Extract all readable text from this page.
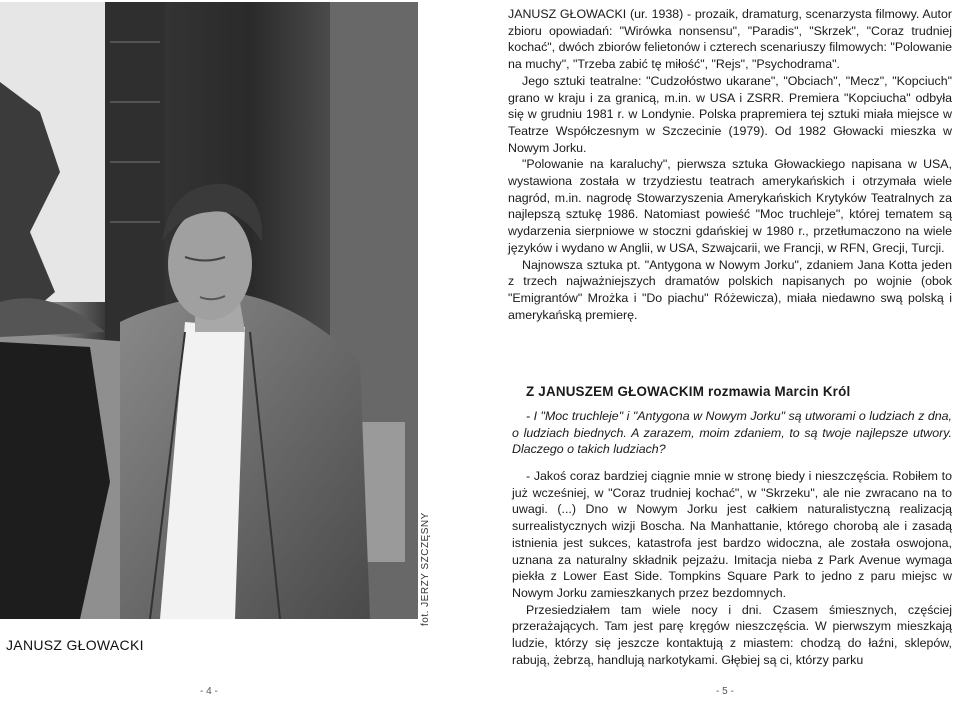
fot. JERZY SZCZĘSNY
JANUSZ GŁOWACKI
- 4 -

JANUSZ GŁOWACKI (ur. 1938) - prozaik, dramaturg, scenarzysta filmowy. Autor zbioru opowiadań: "Wirówka nonsensu", "Paradis", "Skrzek", "Coraz trudniej kochać", dwóch zbiorów felietonów i czterech scenariuszy filmowych: "Polowanie na muchy", "Trzeba zabić tę miłość", "Rejs", "Psychodrama".

Jego sztuki teatralne: "Cudzołóstwo ukarane", "Obciach", "Mecz", "Kopciuch" grano w kraju i za granicą, m.in. w USA i ZSRR. Premiera "Kopciucha" odbyła się w grudniu 1981 r. w Londynie. Polska prapremiera tej sztuki miała miejsce w Teatrze Współczesnym w Szczecinie (1979). Od 1982 Głowacki mieszka w Nowym Jorku.

"Polowanie na karaluchy", pierwsza sztuka Głowackiego napisana w USA, wystawiona została w trzydziestu teatrach amerykańskich i otrzymała wiele nagród, m.in. nagrodę Stowarzyszenia Amerykańskich Krytyków Teatralnych za najlepszą sztukę 1986. Natomiast powieść "Moc truchleje", której tematem są wydarzenia sierpniowe w stoczni gdańskiej w 1980 r., przetłumaczono na wiele języków i wydano w Anglii, w USA, Szwajcarii, we Francji, w RFN, Grecji, Turcji.

Najnowsza sztuka pt. "Antygona w Nowym Jorku", zdaniem Jana Kotta jeden z trzech najważniejszych dramatów polskich napisanych po wojnie (obok "Emigrantów" Mrożka i "Do piachu" Różewicza), miała niedawno swą polską i amerykańską premierę.

Z JANUSZEM GŁOWACKIM rozmawia Marcin Król

- I "Moc truchleje" i "Antygona w Nowym Jorku" są utworami o ludziach z dna, o ludziach biednych. A zarazem, moim zdaniem, to są twoje najlepsze utwory. Dlaczego o takich ludziach?

- Jakoś coraz bardziej ciągnie mnie w stronę biedy i nieszczęścia. Robiłem to już wcześniej, w "Coraz trudniej kochać", w "Skrzeku", ale nie zwracano na to uwagi. (...) Dno w Nowym Jorku jest całkiem naturalistyczną realizacją surrealistycznych wizji Boscha. Na Manhattanie, którego chorobą ale i zasadą istnienia jest sukces, katastrofa jest bardzo widoczna, ale została oswojona, uznana za naturalny składnik pejzażu. Imitacja nieba z Park Avenue wymaga piekła z Lower East Side. Tompkins Square Park to jedno z paru miejsc w Nowym Jorku zamieszkanych przez bezdomnych.

Przesiedziałem tam wiele nocy i dni. Czasem śmiesznych, częściej przerażających. Tam jest parę kręgów nieszczęścia. W pierwszym mieszkają ludzie, którzy się jeszcze kontaktują z miastem: chodzą do łaźni, sklepów, rabują, żebrzą, handlują narkotykami. Głębiej są ci, którzy parku

- 5 -
